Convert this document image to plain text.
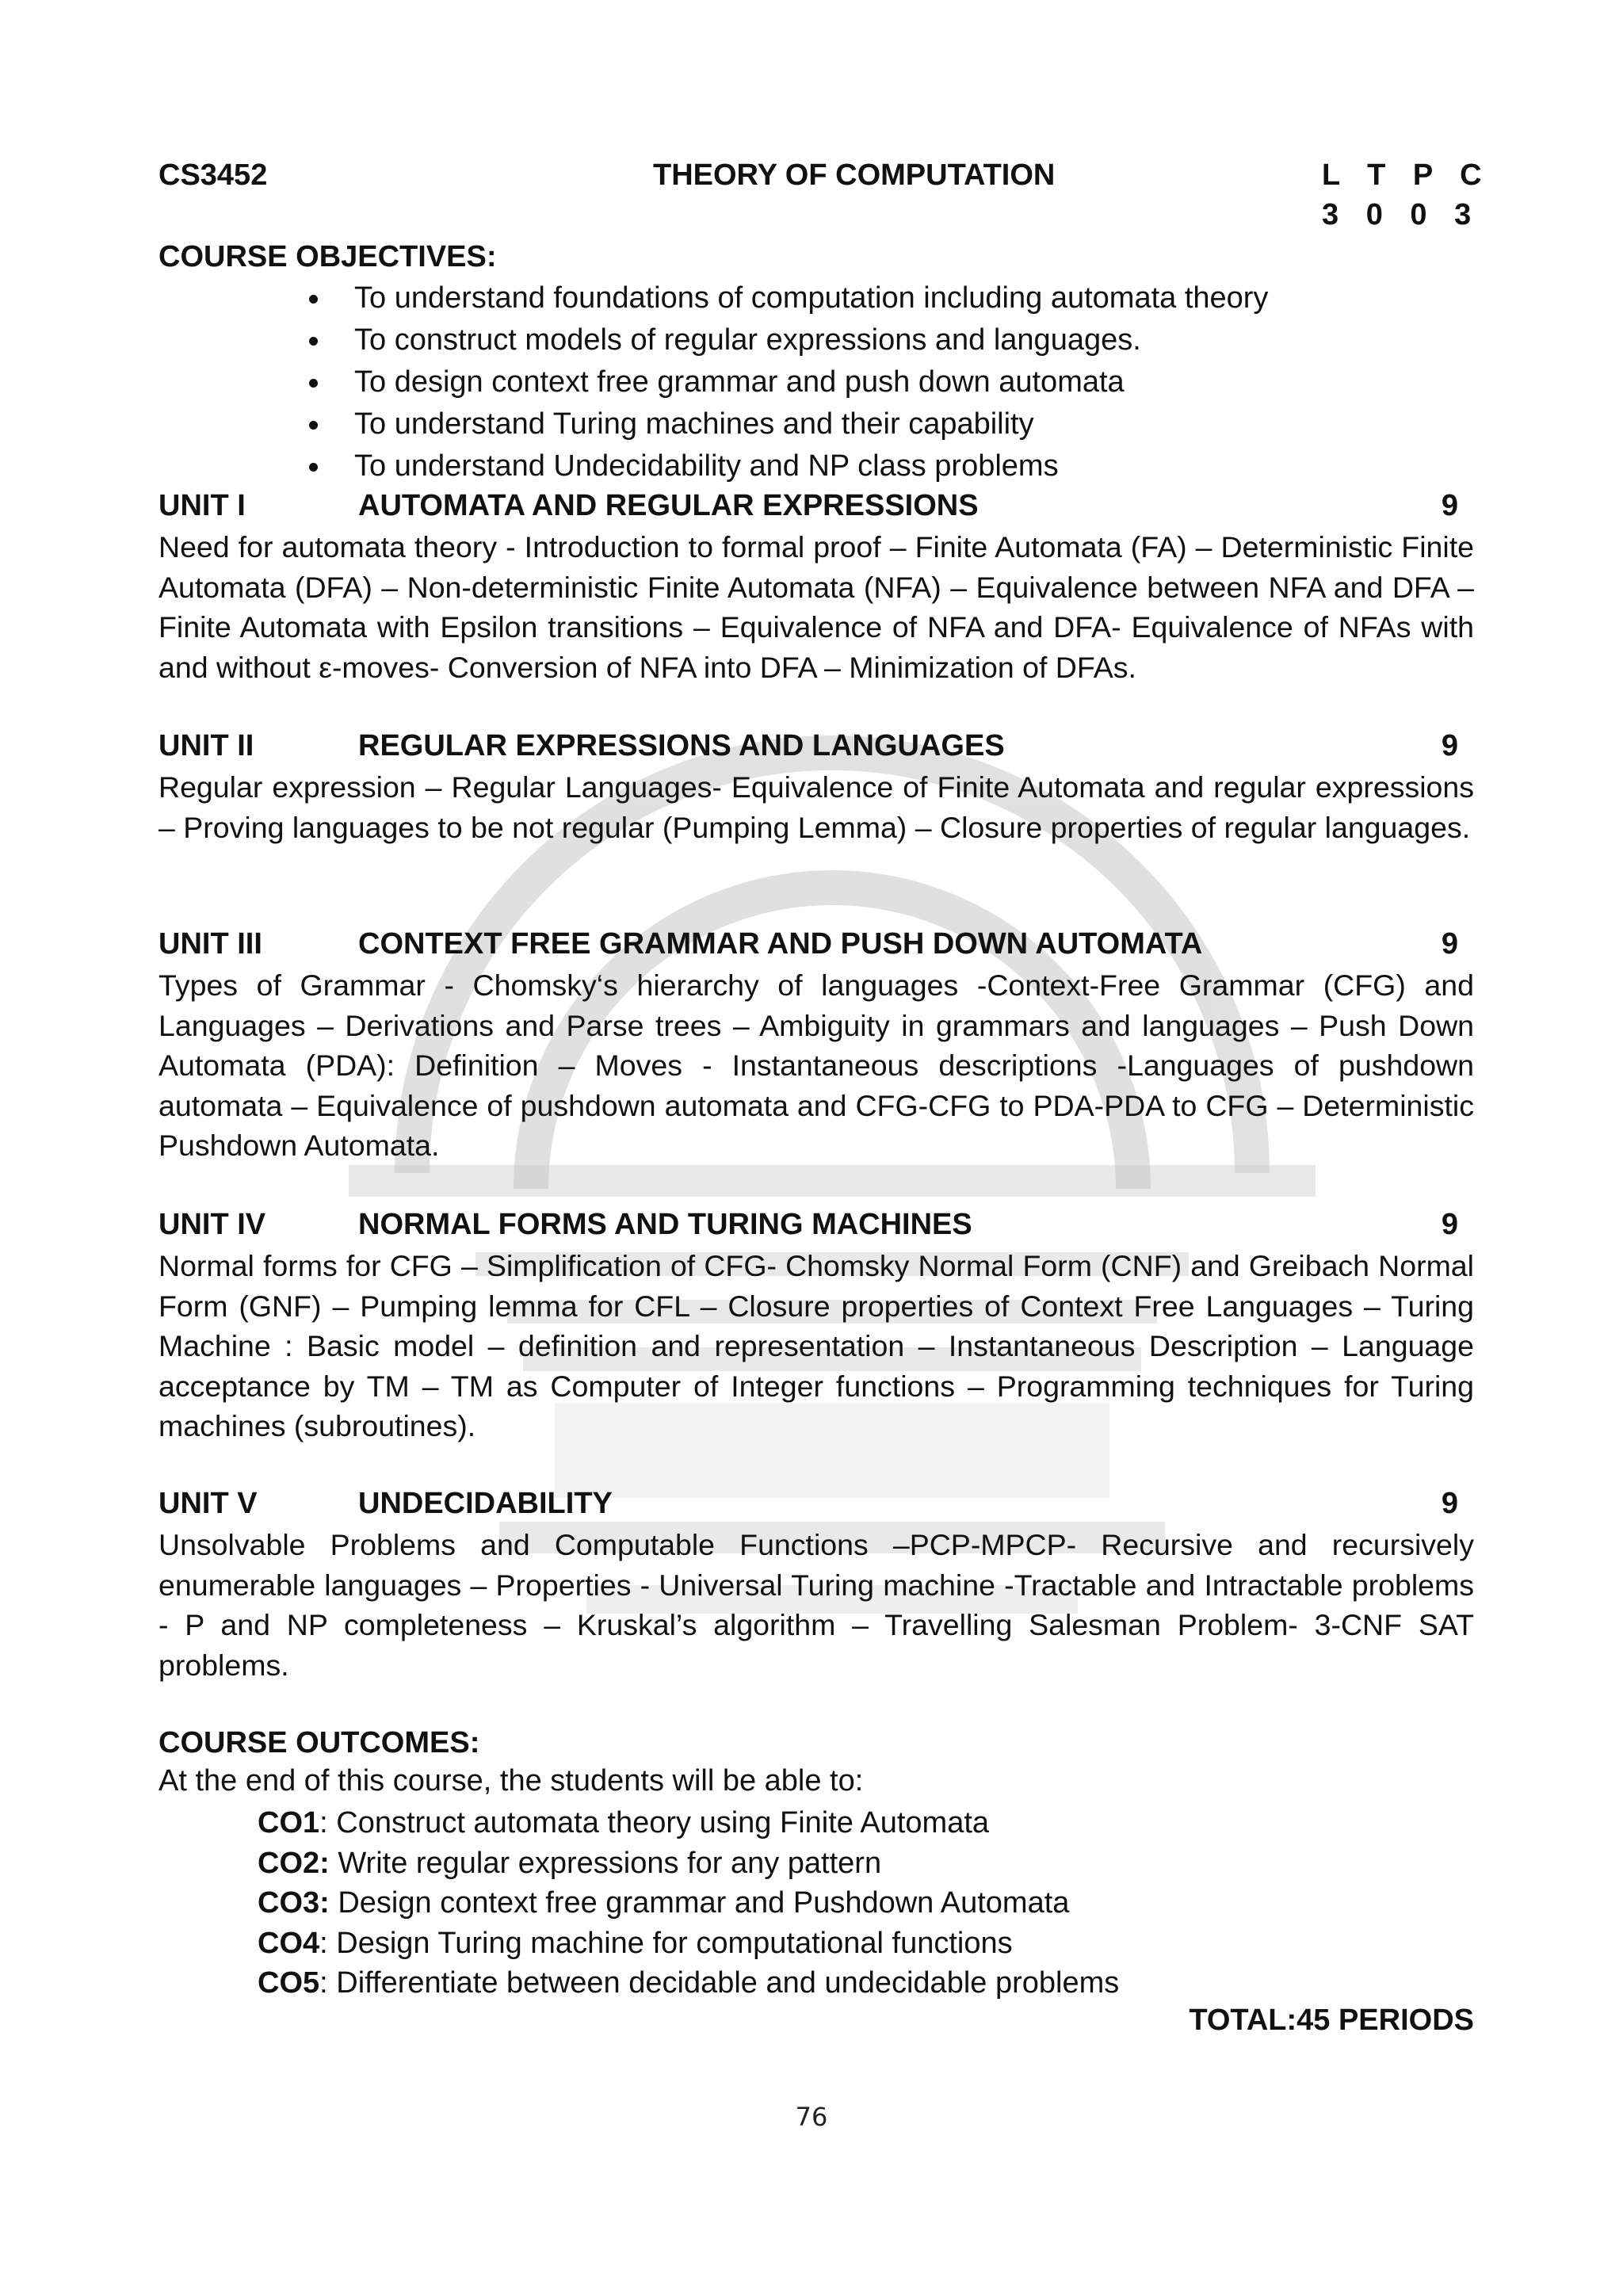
CS3452	THEORY OF COMPUTATION	L T P C
3 0 0 3
COURSE OBJECTIVES:
To understand foundations of computation including automata theory
To construct models of regular expressions and languages.
To design context free grammar and push down automata
To understand Turing machines and their capability
To understand Undecidability and NP class problems
UNIT I	AUTOMATA AND REGULAR EXPRESSIONS	9

Need for automata theory - Introduction to formal proof – Finite Automata (FA) – Deterministic Finite Automata (DFA) – Non-deterministic Finite Automata (NFA) – Equivalence between NFA and DFA – Finite Automata with Epsilon transitions – Equivalence of NFA and DFA- Equivalence of NFAs with and without ε-moves- Conversion of NFA into DFA – Minimization of DFAs.

UNIT II	REGULAR EXPRESSIONS AND LANGUAGES	9

Regular expression – Regular Languages- Equivalence of Finite Automata and regular expressions – Proving languages to be not regular (Pumping Lemma) – Closure properties of regular languages.

UNIT III	CONTEXT FREE GRAMMAR AND PUSH DOWN AUTOMATA	9

Types of Grammar - Chomsky‘s hierarchy of languages -Context-Free Grammar (CFG) and Languages – Derivations and Parse trees – Ambiguity in grammars and languages – Push Down Automata (PDA): Definition – Moves - Instantaneous descriptions -Languages of pushdown automata – Equivalence of pushdown automata and CFG-CFG to PDA-PDA to CFG – Deterministic Pushdown Automata.

UNIT IV	NORMAL FORMS AND TURING MACHINES	9

Normal forms for CFG – Simplification of CFG- Chomsky Normal Form (CNF) and Greibach Normal Form (GNF) – Pumping lemma for CFL – Closure properties of Context Free Languages – Turing Machine : Basic model – definition and representation – Instantaneous Description – Language acceptance by TM – TM as Computer of Integer functions – Programming techniques for Turing machines (subroutines).

UNIT V	UNDECIDABILITY	9

Unsolvable Problems and Computable Functions –PCP-MPCP- Recursive and recursively enumerable languages – Properties - Universal Turing machine -Tractable and Intractable problems - P and NP completeness – Kruskal’s algorithm – Travelling Salesman Problem- 3-CNF SAT problems.

COURSE OUTCOMES:
At the end of this course, the students will be able to:
CO1: Construct automata theory using Finite Automata
CO2: Write regular expressions for any pattern
CO3: Design context free grammar and Pushdown Automata
CO4: Design Turing machine for computational functions
CO5: Differentiate between decidable and undecidable problems
TOTAL:45 PERIODS
76
